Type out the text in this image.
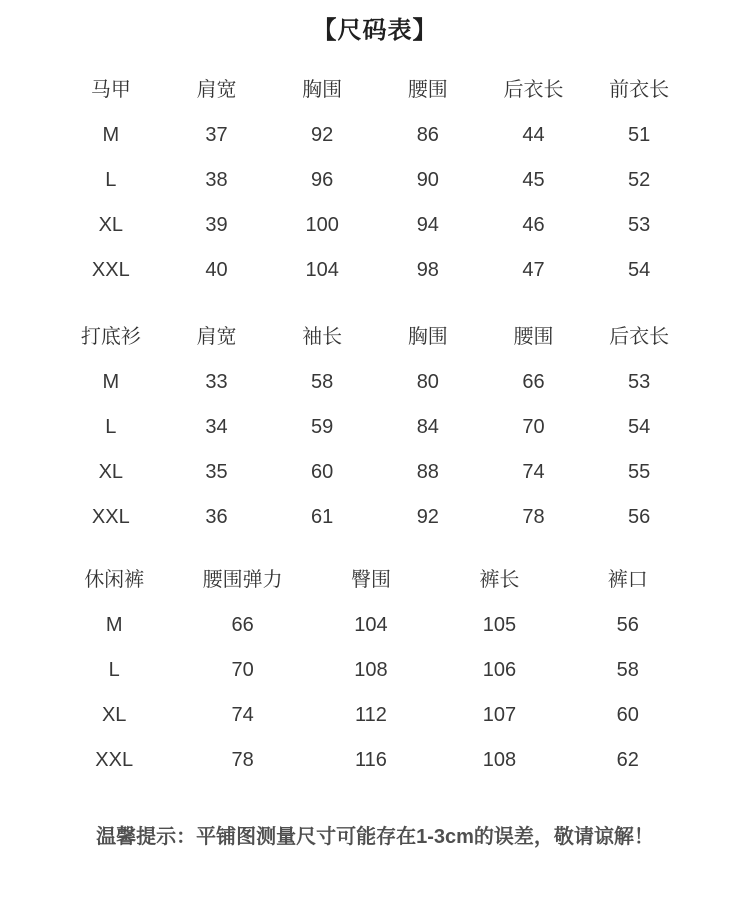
【尺码表】
马甲	肩宽	胸围	腰围	后衣长	前衣长
M	37	92	86	44	51
L	38	96	90	45	52
XL	39	100	94	46	53
XXL	40	104	98	47	54
打底衫	肩宽	袖长	胸围	腰围	后衣长
M	33	58	80	66	53
L	34	59	84	70	54
XL	35	60	88	74	55
XXL	36	61	92	78	56
休闲裤	腰围弹力	臀围	裤长	裤口
M	66	104	105	56
L	70	108	106	58
XL	74	112	107	60
XXL	78	116	108	62
温馨提示：平铺图测量尺寸可能存在1-3cm的误差，敬请谅解！
